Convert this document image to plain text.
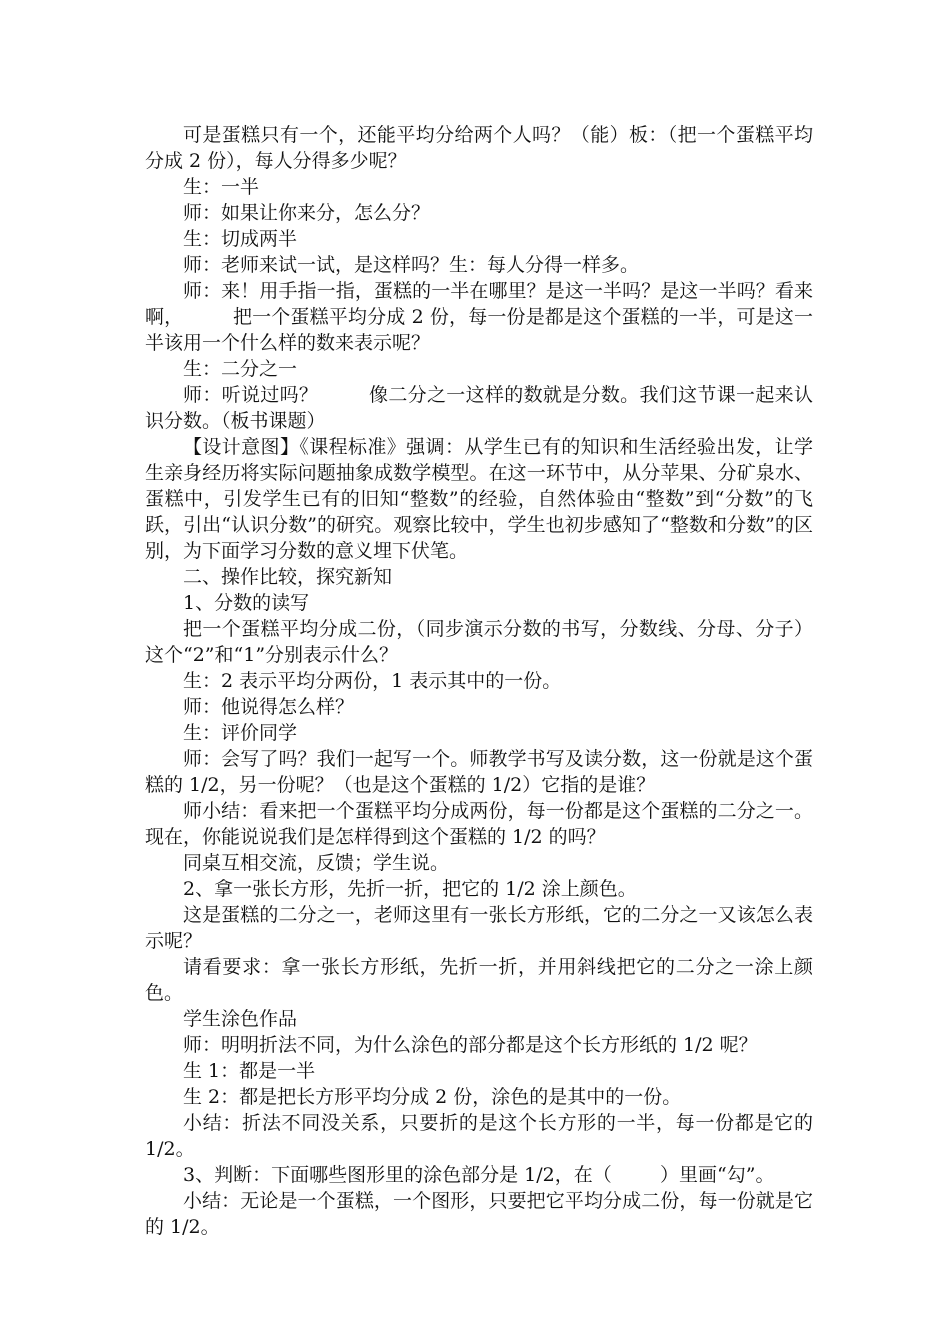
可是蛋糕只有一个，还能平均分给两个人吗？（能）板：（把一个蛋糕平均分成 2 份），每人分得多少呢？

生：一半

师：如果让你来分，怎么分？

生：切成两半

师：老师来试一试，是这样吗？生：每人分得一样多。

师：来！用手指一指，蛋糕的一半在哪里？是这一半吗？是这一半吗？看来啊，        把一个蛋糕平均分成 2 份，每一份是都是这个蛋糕的一半，可是这一半该用一个什么样的数来表示呢？

生：二分之一

师：听说过吗？        像二分之一这样的数就是分数。我们这节课一起来认识分数。（板书课题）

【设计意图】《课程标准》强调：从学生已有的知识和生活经验出发，让学生亲身经历将实际问题抽象成数学模型。在这一环节中，从分苹果、分矿泉水、蛋糕中，引发学生已有的旧知“整数”的经验，自然体验由“整数”到“分数”的飞跃，引出“认识分数”的研究。观察比较中，学生也初步感知了“整数和分数”的区别，为下面学习分数的意义埋下伏笔。

二、操作比较，探究新知

1、分数的读写

把一个蛋糕平均分成二份，（同步演示分数的书写，分数线、分母、分子）这个“2”和“1”分别表示什么？

生：2 表示平均分两份，1 表示其中的一份。

师：他说得怎么样？

生：评价同学

师：会写了吗？我们一起写一个。师教学书写及读分数，这一份就是这个蛋糕的 1/2，另一份呢？（也是这个蛋糕的 1/2）它指的是谁？

师小结：看来把一个蛋糕平均分成两份，每一份都是这个蛋糕的二分之一。现在，你能说说我们是怎样得到这个蛋糕的 1/2 的吗？

同桌互相交流，反馈；学生说。

2、拿一张长方形，先折一折，把它的 1/2 涂上颜色。

这是蛋糕的二分之一，老师这里有一张长方形纸，它的二分之一又该怎么表示呢？

请看要求：拿一张长方形纸，先折一折，并用斜线把它的二分之一涂上颜色。

学生涂色作品

师：明明折法不同，为什么涂色的部分都是这个长方形纸的 1/2 呢？

生 1：都是一半

生 2：都是把长方形平均分成 2 份，涂色的是其中的一份。

小结：折法不同没关系，只要折的是这个长方形的一半，每一份都是它的 1/2。

3、判断：下面哪些图形里的涂色部分是 1/2，在（        ）里画“勾”。

小结：无论是一个蛋糕，一个图形，只要把它平均分成二份，每一份就是它的 1/2。
